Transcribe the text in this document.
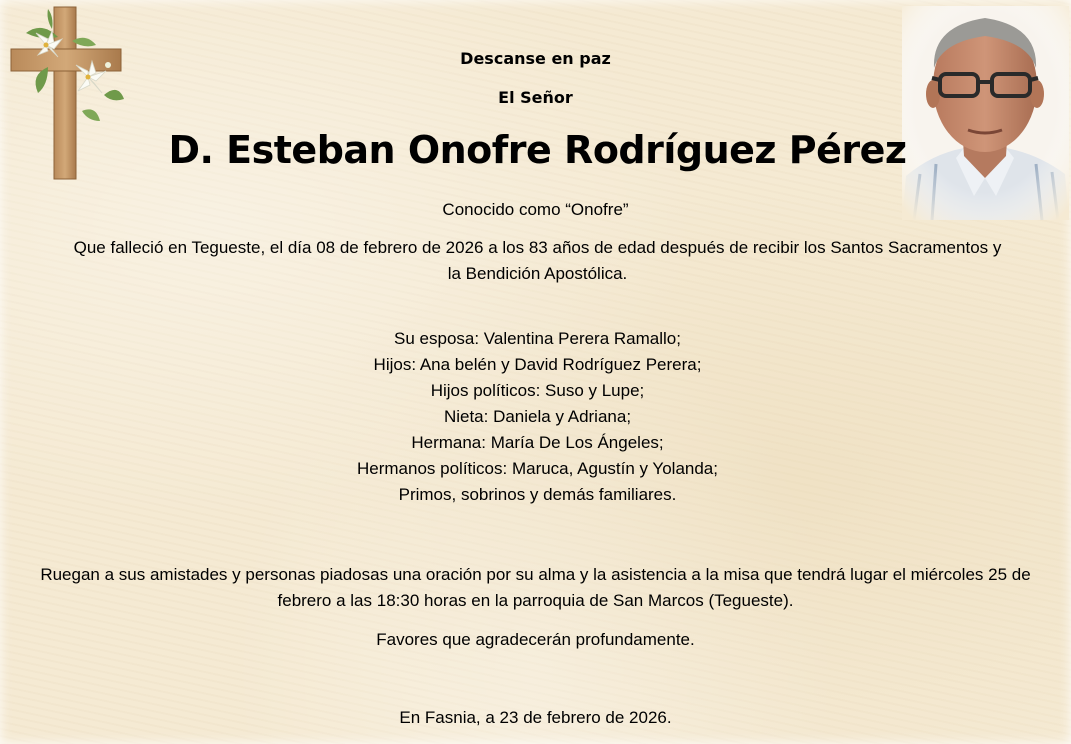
Descanse en paz
El Señor
D. Esteban Onofre Rodríguez Pérez
Conocido como “Onofre”
Que falleció en Tegueste, el día 08 de febrero de 2026 a los 83 años de edad después de recibir los Santos Sacramentos y la Bendición Apostólica.
Su esposa: Valentina Perera Ramallo;
Hijos: Ana belén y David Rodríguez Perera;
Hijos políticos: Suso y Lupe;
Nieta: Daniela y Adriana;
Hermana: María De Los Ángeles;
Hermanos políticos: Maruca, Agustín y Yolanda;
Primos, sobrinos y demás familiares.
Ruegan a sus amistades y personas piadosas una oración por su alma y la asistencia a la misa que tendrá lugar el miércoles 25 de febrero a las 18:30 horas en la parroquia de San Marcos (Tegueste).
Favores que agradecerán profundamente.
En Fasnia, a 23 de febrero de 2026.
